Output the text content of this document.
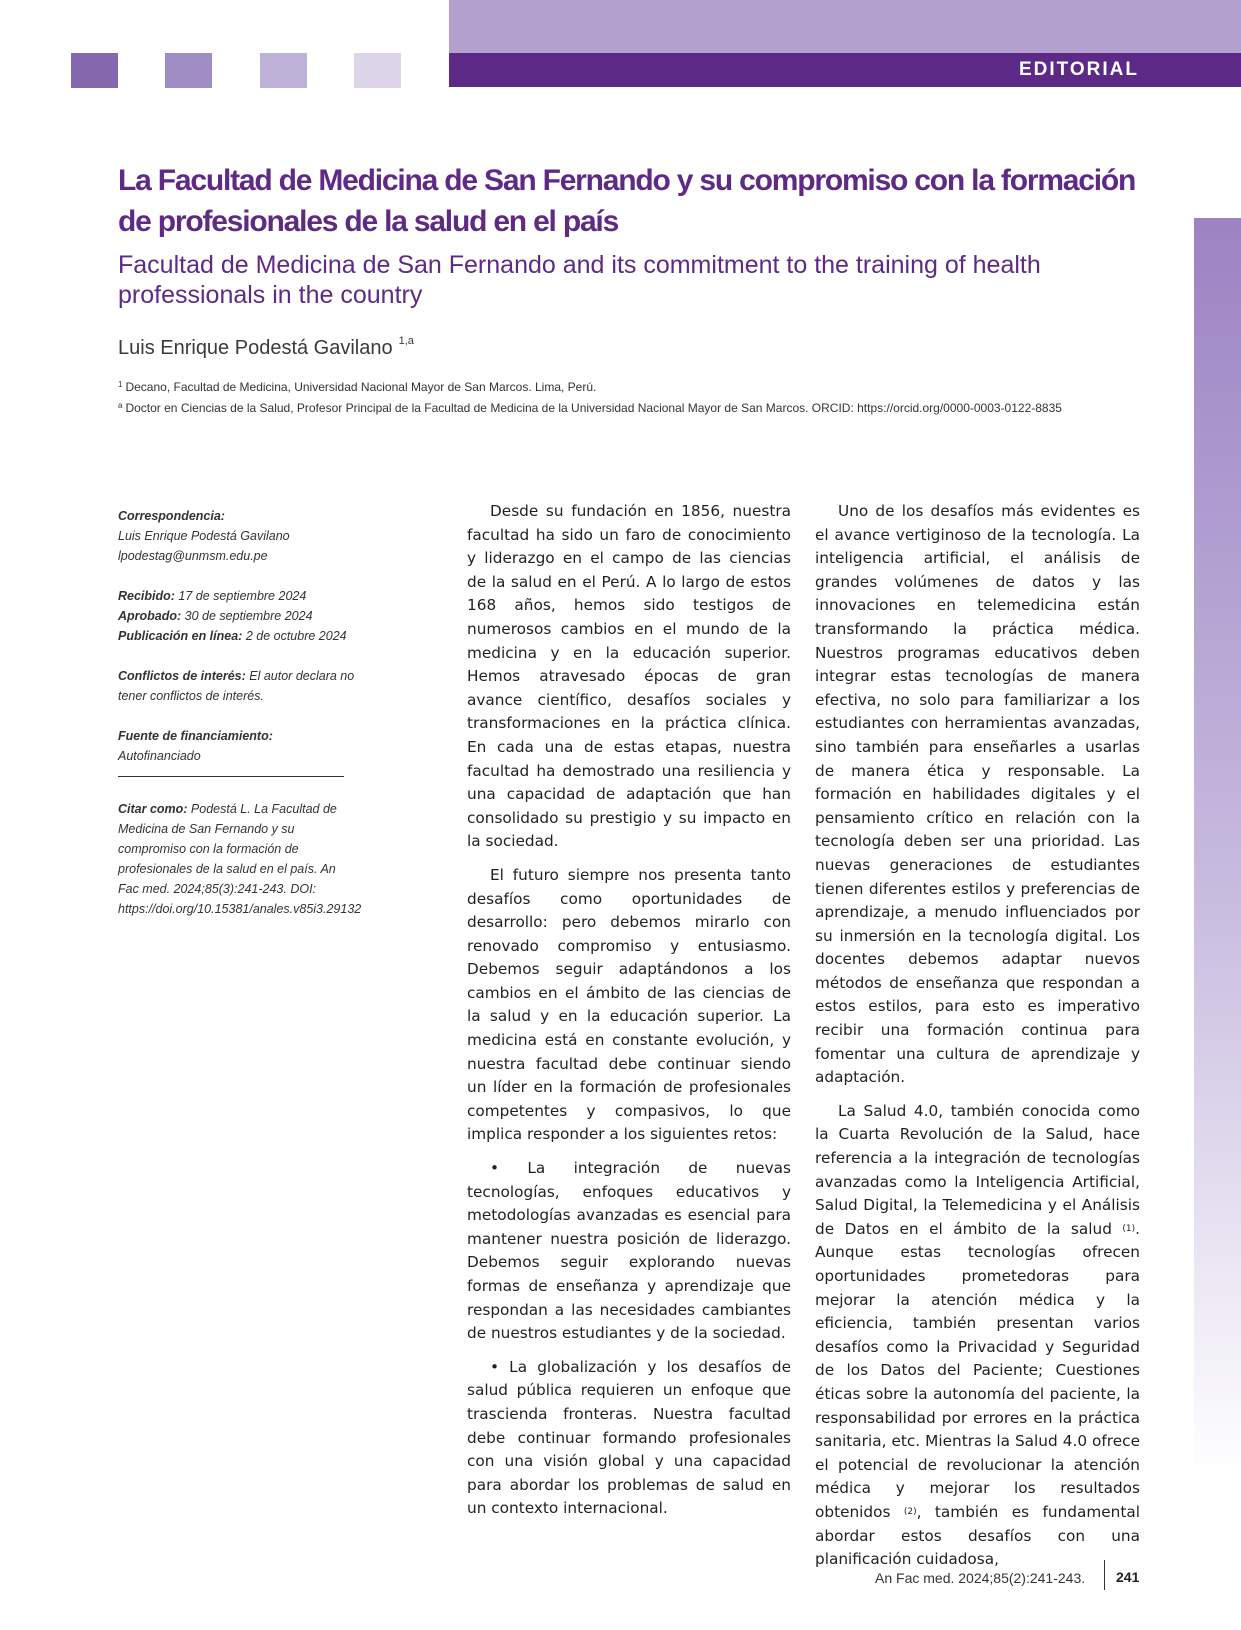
EDITORIAL
La Facultad de Medicina de San Fernando y su compromiso con la formación de profesionales de la salud en el país
Facultad de Medicina de San Fernando and its commitment to the training of health professionals in the country
Luis Enrique Podestá Gavilano $^{1,a}$
$^1$ Decano, Facultad de Medicina, Universidad Nacional Mayor de San Marcos. Lima, Perú.
$^a$ Doctor en Ciencias de la Salud, Profesor Principal de la Facultad de Medicina de la Universidad Nacional Mayor de San Marcos. ORCID: https://orcid.org/0000-0003-0122-8835

Correspondencia:

Luis Enrique Podestá Gavilano

lpodestag@unmsm.edu.pe

Recibido: 17 de septiembre 2024

Aprobado: 30 de septiembre 2024

Publicación en línea: 2 de octubre 2024

Conflictos de interés: El autor declara no tener conflictos de interés.

Fuente de financiamiento: Autofinanciado

Citar como: Podestá L. La Facultad de Medicina de San Fernando y su compromiso con la formación de profesionales de la salud en el país. An Fac med. 2024;85(3):241-243. DOI: https://doi.org/10.15381/anales.v85i3.29132

Desde su fundación en 1856, nuestra facultad ha sido un faro de conocimiento y liderazgo en el campo de las ciencias de la salud en el Perú. A lo largo de estos 168 años, hemos sido testigos de numerosos cambios en el mundo de la medicina y en la educación superior. Hemos atravesado épocas de gran avance científico, desafíos sociales y transformaciones en la práctica clínica. En cada una de estas etapas, nuestra facultad ha demostrado una resiliencia y una capacidad de adaptación que han consolidado su prestigio y su impacto en la sociedad.

El futuro siempre nos presenta tanto desafíos como oportunidades de desarrollo: pero debemos mirarlo con renovado compromiso y entusiasmo. Debemos seguir adaptándonos a los cambios en el ámbito de las ciencias de la salud y en la educación superior. La medicina está en constante evolución, y nuestra facultad debe continuar siendo un líder en la formación de profesionales competentes y compasivos, lo que implica responder a los siguientes retos:

• La integración de nuevas tecnologías, enfoques educativos y metodologías avanzadas es esencial para mantener nuestra posición de liderazgo. Debemos seguir explorando nuevas formas de enseñanza y aprendizaje que respondan a las necesidades cambiantes de nuestros estudiantes y de la sociedad.

• La globalización y los desafíos de salud pública requieren un enfoque que trascienda fronteras. Nuestra facultad debe continuar formando profesionales con una visión global y una capacidad para abordar los problemas de salud en un contexto internacional.

Uno de los desafíos más evidentes es el avance vertiginoso de la tecnología. La inteligencia artificial, el análisis de grandes volúmenes de datos y las innovaciones en telemedicina están transformando la práctica médica. Nuestros programas educativos deben integrar estas tecnologías de manera efectiva, no solo para familiarizar a los estudiantes con herramientas avanzadas, sino también para enseñarles a usarlas de manera ética y responsable. La formación en habilidades digitales y el pensamiento crítico en relación con la tecnología deben ser una prioridad. Las nuevas generaciones de estudiantes tienen diferentes estilos y preferencias de aprendizaje, a menudo influenciados por su inmersión en la tecnología digital. Los docentes debemos adaptar nuevos métodos de enseñanza que respondan a estos estilos, para esto es imperativo recibir una formación continua para fomentar una cultura de aprendizaje y adaptación.

La Salud 4.0, también conocida como la Cuarta Revolución de la Salud, hace referencia a la integración de tecnologías avanzadas como la Inteligencia Artificial, Salud Digital, la Telemedicina y el Análisis de Datos en el ámbito de la salud $^{(1)}$. Aunque estas tecnologías ofrecen oportunidades prometedoras para mejorar la atención médica y la eficiencia, también presentan varios desafíos como la Privacidad y Seguridad de los Datos del Paciente; Cuestiones éticas sobre la autonomía del paciente, la responsabilidad por errores en la práctica sanitaria, etc. Mientras la Salud 4.0 ofrece el potencial de revolucionar la atención médica y mejorar los resultados obtenidos $^{(2)}$, también es fundamental abordar estos desafíos con una planificación cuidadosa,

An Fac med. 2024;85(2):241-243. 241
